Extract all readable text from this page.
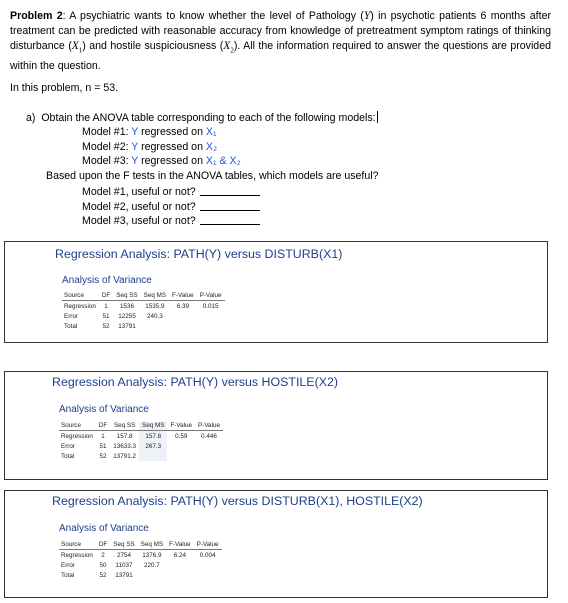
Problem 2: A psychiatric wants to know whether the level of Pathology (Y) in psychotic patients 6 months after treatment can be predicted with reasonable accuracy from knowledge of pretreatment symptom ratings of thinking disturbance $(X_1)$ and hostile suspiciousness $(X_2)$. All the information required to answer the questions are provided within the question.
In this problem, n = 53.
a) Obtain the ANOVA table corresponding to each of the following models:
Model #1: Y regressed on X₁
Model #2: Y regressed on X₂
Model #3: Y regressed on X₁ & X₂
Based upon the F tests in the ANOVA tables, which models are useful?
Model #1, useful or not?
Model #2, useful or not?
Model #3, useful or not?
Regression Analysis: PATH(Y) versus DISTURB(X1)
Analysis of Variance
Source	DF	Seq SS	Seq MS	F-Value	P-Value
Regression	1	1536	1535.9	6.39	0.015
Error	51	12255	240.3		
Total	52	13791			
Regression Analysis: PATH(Y) versus HOSTILE(X2)
Analysis of Variance
Source	DF	Seq SS	Seq MS	F-Value	P-Value
Regression	1	157.8	157.8	0.59	0.446
Error	51	13633.3	267.3		
Total	52	13791.2			
Regression Analysis: PATH(Y) versus DISTURB(X1), HOSTILE(X2)
Analysis of Variance
Source	DF	Seq SS	Seq MS	F-Value	P-Value
Regression	2	2754	1376.9	6.24	0.004
Error	50	11037	220.7		
Total	52	13791			
